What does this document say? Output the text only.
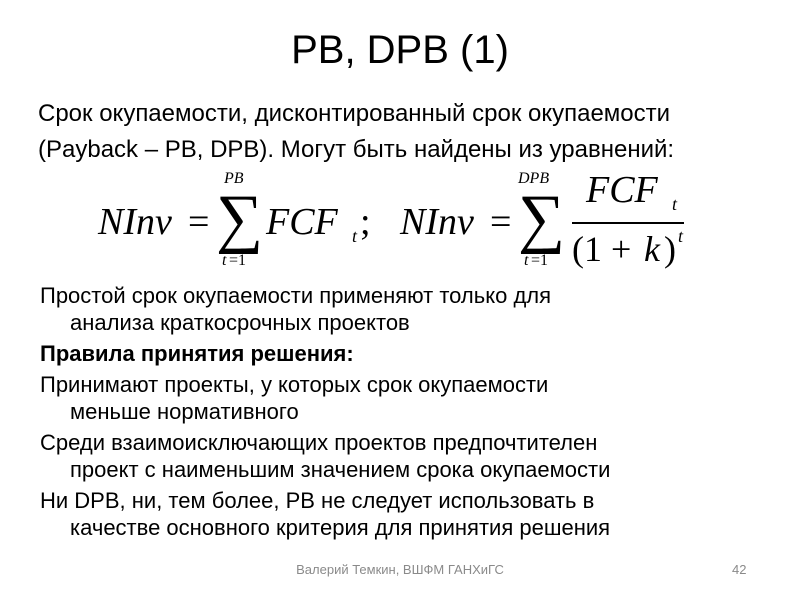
PB, DPB (1)

Срок окупаемости, дисконтированный срок окупаемости

(Payback – PB, DPB). Могут быть найдены из уравнений:

NInv =
PB
∑
t =1
FCF t ; NInv =
DPB
∑
t =1
FCF t
(1 + k ) t
Простой срок окупаемости применяют только для
анализа краткосрочных проектов
Правила принятия решения:
Принимают проекты, у которых срок окупаемости
меньше нормативного
Среди взаимоисключающих проектов предпочтителен
проект с наименьшим значением срока окупаемости
Ни DPB, ни, тем более, PB не следует использовать в
качестве основного критерия для принятия решения
Валерий Темкин, ВШФМ ГАНХиГС	42
